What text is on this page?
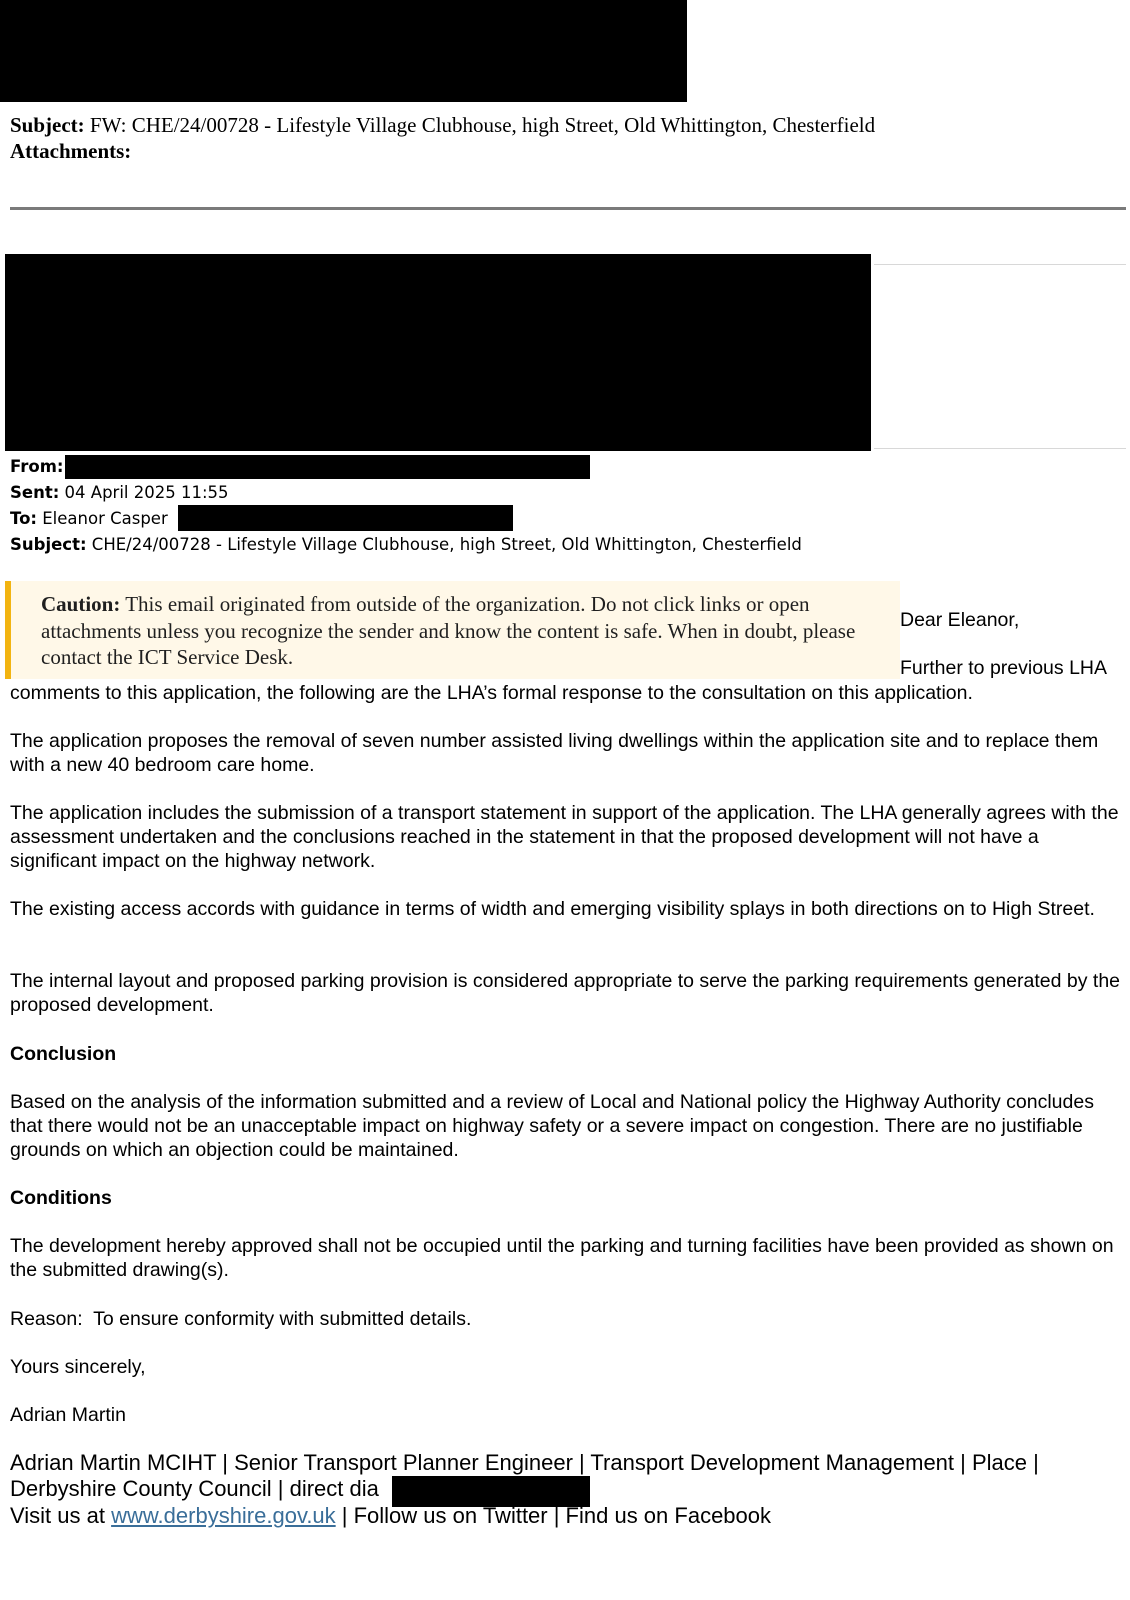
Subject: FW: CHE/24/00728 - Lifestyle Village Clubhouse, high Street, Old Whittington, Chesterfield
Attachments:
From:
Sent: 04 April 2025 11:55
To: Eleanor Casper
Subject: CHE/24/00728 - Lifestyle Village Clubhouse, high Street, Old Whittington, Chesterfield
Caution: This email originated from outside of the organization. Do not click links or open attachments unless you recognize the sender and know the content is safe. When in doubt, please contact the ICT Service Desk.
Dear Eleanor,
Further to previous LHA
comments to this application, the following are the LHA’s formal response to the consultation on this application.
The application proposes the removal of seven number assisted living dwellings within the application site and to replace them with a new 40 bedroom care home.
The application includes the submission of a transport statement in support of the application. The LHA generally agrees with the assessment undertaken and the conclusions reached in the statement in that the proposed development will not have a significant impact on the highway network.
The existing access accords with guidance in terms of width and emerging visibility splays in both directions on to High Street.
The internal layout and proposed parking provision is considered appropriate to serve the parking requirements generated by the proposed development.
Conclusion
Based on the analysis of the information submitted and a review of Local and National policy the Highway Authority concludes that there would not be an unacceptable impact on highway safety or a severe impact on congestion. There are no justifiable grounds on which an objection could be maintained.
Conditions
The development hereby approved shall not be occupied until the parking and turning facilities have been provided as shown on the submitted drawing(s).
Reason:  To ensure conformity with submitted details.
Yours sincerely,
Adrian Martin
Adrian Martin MCIHT | Senior Transport Planner Engineer | Transport Development Management | Place |
Derbyshire County Council | direct dia
Visit us at www.derbyshire.gov.uk | Follow us on Twitter | Find us on Facebook
